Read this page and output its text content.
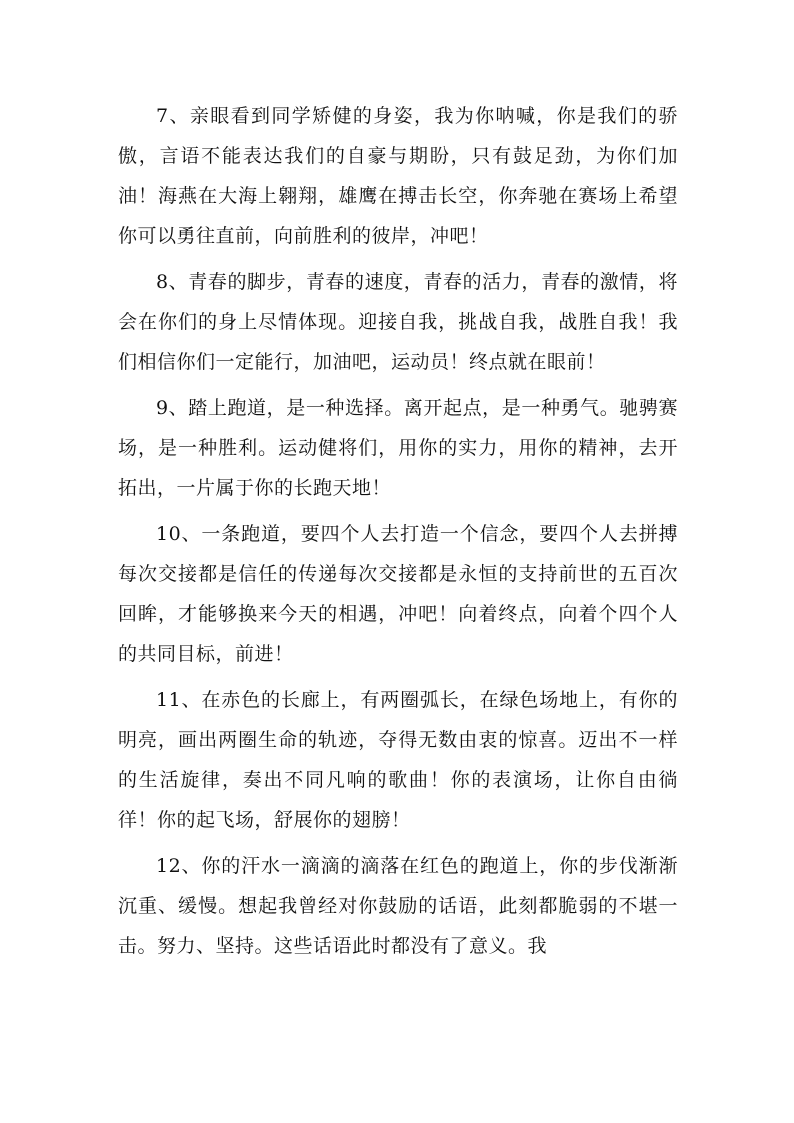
7、亲眼看到同学矫健的身姿，我为你呐喊，你是我们的骄傲，言语不能表达我们的自豪与期盼，只有鼓足劲，为你们加油！海燕在大海上翱翔，雄鹰在搏击长空，你奔驰在赛场上希望你可以勇往直前，向前胜利的彼岸，冲吧！

8、青春的脚步，青春的速度，青春的活力，青春的激情，将会在你们的身上尽情体现。迎接自我，挑战自我，战胜自我！我们相信你们一定能行，加油吧，运动员！终点就在眼前！

9、踏上跑道，是一种选择。离开起点，是一种勇气。驰骋赛场，是一种胜利。运动健将们，用你的实力，用你的精神，去开拓出，一片属于你的长跑天地！

10、一条跑道，要四个人去打造一个信念，要四个人去拼搏每次交接都是信任的传递每次交接都是永恒的支持前世的五百次回眸，才能够换来今天的相遇，冲吧！向着终点，向着个四个人的共同目标，前进！

11、在赤色的长廊上，有两圈弧长，在绿色场地上，有你的明亮，画出两圈生命的轨迹，夺得无数由衷的惊喜。迈出不一样的生活旋律，奏出不同凡响的歌曲！你的表演场，让你自由徜徉！你的起飞场，舒展你的翅膀！

12、你的汗水一滴滴的滴落在红色的跑道上，你的步伐渐渐沉重、缓慢。想起我曾经对你鼓励的话语，此刻都脆弱的不堪一击。努力、坚持。这些话语此时都没有了意义。我
